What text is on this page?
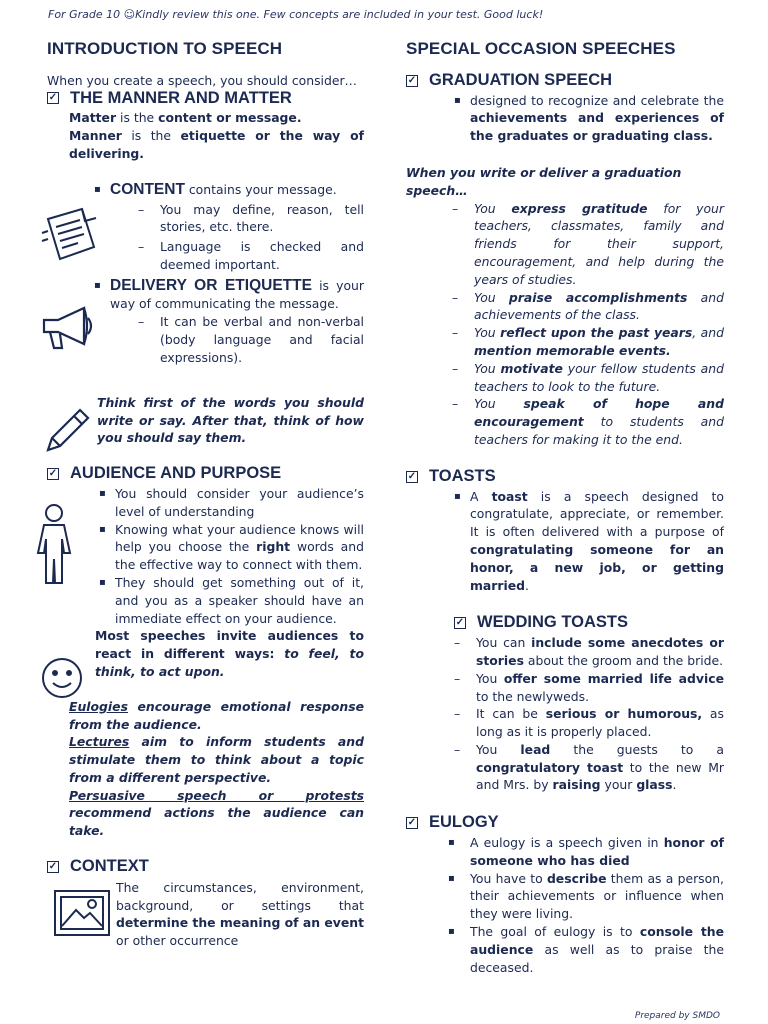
For Grade 10 ☺Kindly review this one. Few concepts are included in your test. Good luck!
INTRODUCTION TO SPEECH

When you create a speech, you should consider…

✓ THE MANNER AND MATTER

Matter is the content or message.

Manner is the etiquette or the way of delivering.

▪ CONTENT contains your message.

– You may define, reason, tell stories, etc. there.

– Language is checked and deemed important.

▪ DELIVERY OR ETIQUETTE is your way of communicating the message.

– It can be verbal and non-verbal (body language and facial expressions).

Think first of the words you should write or say. After that, think of how you should say them.

✓ AUDIENCE AND PURPOSE

▪ You should consider your audience’s level of understanding

▪ Knowing what your audience knows will help you choose the right words and the effective way to connect with them.

▪ They should get something out of it, and you as a speaker should have an immediate effect on your audience.

Most speeches invite audiences to react in different ways: to feel, to think, to act upon.

Eulogies encourage emotional response from the audience.

Lectures aim to inform students and stimulate them to think about a topic from a different perspective.

Persuasive speech or protests recommend actions the audience can take.

✓ CONTEXT

The circumstances, environment, background, or settings that determine the meaning of an event or other occurrence

SPECIAL OCCASION SPEECHES
✓ GRADUATION SPEECH

▪ designed to recognize and celebrate the achievements and experiences of the graduates or graduating class.

When you write or deliver a graduation speech…

– You express gratitude for your teachers, classmates, family and friends for their support, encouragement, and help during the years of studies.

– You praise accomplishments and achievements of the class.

– You reflect upon the past years, and mention memorable events.

– You motivate your fellow students and teachers to look to the future.

– You speak of hope and encouragement to students and teachers for making it to the end.

✓ TOASTS

▪ A toast is a speech designed to congratulate, appreciate, or remember. It is often delivered with a purpose of congratulating someone for an honor, a new job, or getting married.

✓ WEDDING TOASTS

– You can include some anecdotes or stories about the groom and the bride.

– You offer some married life advice to the newlyweds.

– It can be serious or humorous, as long as it is properly placed.

– You lead the guests to a congratulatory toast to the new Mr and Mrs. by raising your glass.

✓ EULOGY

▪ A eulogy is a speech given in honor of someone who has died

▪ You have to describe them as a person, their achievements or influence when they were living.

▪ The goal of eulogy is to console the audience as well as to praise the deceased.

Prepared by SMDO
